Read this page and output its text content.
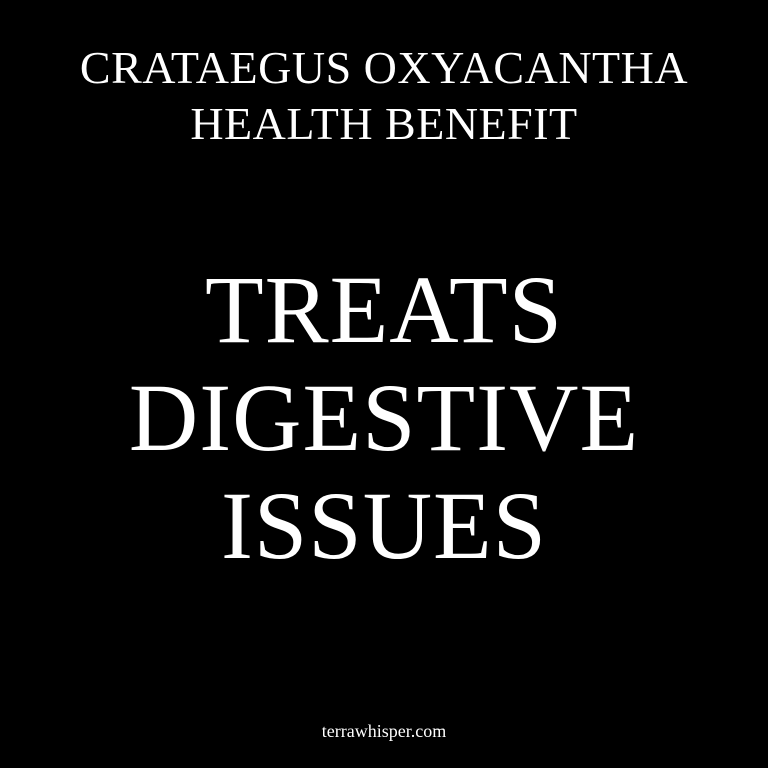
CRATAEGUS OXYACANTHA
HEALTH BENEFIT
TREATS
DIGESTIVE
ISSUES
terrawhisper.com
